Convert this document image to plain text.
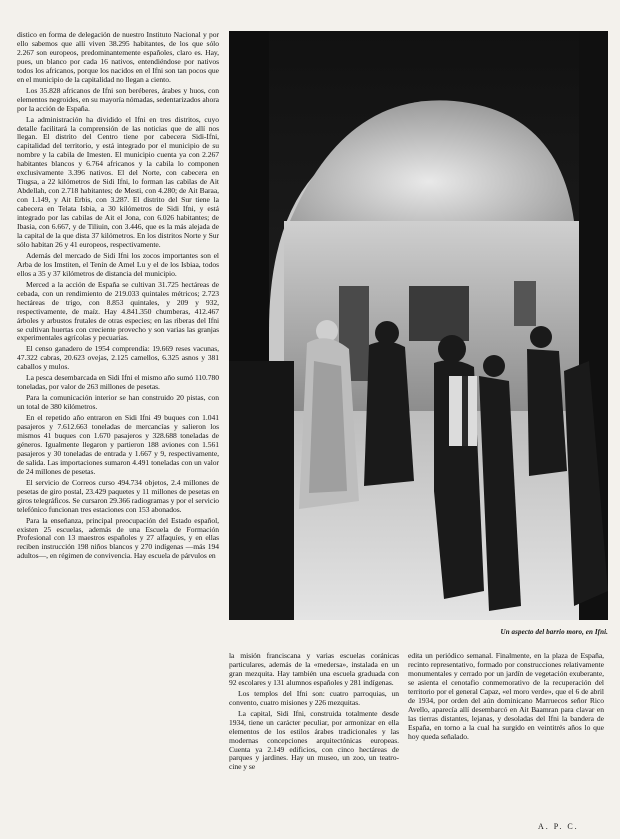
distico en forma de delegación de nuestro Instituto Nacional y por ello sabemos que allí viven 38.295 habitantes, de los que sólo 2.267 son europeos, predominantemente españoles, claro es. Hay, pues, un blanco por cada 16 nativos, entendiéndose por nativos todos los africanos, porque los nacidos en el Ifni son tan pocos que en el municipio de la capitalidad no llegan a ciento.

Los 35.828 africanos de Ifni son beréberes, árabes y huos, con elementos negroides, en su mayoría nómadas, sedentarizados ahora por la acción de España.

La administración ha dividido el Ifni en tres distritos, cuyo detalle facilitará la comprensión de las noticias que de allí nos llegan. El distrito del Centro tiene por cabecera Sidi-Ifni, capitalidad del territorio, y está integrado por el municipio de su nombre y la cabila de Imesten. El municipio cuenta ya con 2.267 habitantes blancos y 6.764 africanos y la cabila lo componen exclusivamente 3.396 nativos. El del Norte, con cabecera en Tiugsa, a 22 kilómetros de Sidi Ifni, lo forman las cabilas de Ait Abdellah, con 2.718 habitantes; de Mesti, con 4.280; de Ait Baraa, con 1.149, y Ait Erbis, con 3.287. El distrito del Sur tiene la cabecera en Telata Isbia, a 30 kilómetros de Sidi Ifni, y está integrado por las cabilas de Ait el Jona, con 6.026 habitantes; de Ibasia, con 6.667, y de Tiliuin, con 3.446, que es la más alejada de la capital de la que dista 37 kilómetros. En los distritos Norte y Sur sólo habitan 26 y 41 europeos, respectivamente.

Además del mercado de Sidi Ifni los zocos importantes son el Arba de los Imstiten, el Tenín de Amel Lu y el de los Isbiaa, todos ellos a 35 y 37 kilómetros de distancia del municipio.

Merced a la acción de España se cultivan 31.725 hectáreas de cebada, con un rendimiento de 219.033 quintales métricos; 2.723 hectáreas de trigo, con 8.853 quintales, y 209 y 932, respectivamente, de maíz. Hay 4.841.350 chumberas, 412.467 árboles y arbustos frutales de otras especies; en las riberas del Ifni se cultivan huertas con creciente provecho y son varias las granjas experimentales agrícolas y pecuarias.

El censo ganadero de 1954 comprendía: 19.669 reses vacunas, 47.322 cabras, 20.623 ovejas, 2.125 camellos, 6.325 asnos y 381 caballos y mulos.

La pesca desembarcada en Sidi Ifni el mismo año sumó 110.780 toneladas, por valor de 263 millones de pesetas.

Para la comunicación interior se han construido 20 pistas, con un total de 380 kilómetros.

En el repetido año entraron en Sidi Ifni 49 buques con 1.041 pasajeros y 7.612.663 toneladas de mercancías y salieron los mismos 41 buques con 1.670 pasajeros y 328.688 toneladas de géneros. Igualmente llegaron y partieron 188 aviones con 1.561 pasajeros y 30 toneladas de entrada y 1.667 y 9, respectivamente, de salida. Las importaciones sumaron 4.491 toneladas con un valor de 24 millones de pesetas.

El servicio de Correos curso 494.734 objetos, 2.4 millones de pesetas de giro postal, 23.429 paquetes y 11 millones de pesetas en giros telegráficos. Se cursaron 29.366 radiogramas y por el servicio telefónico funcionan tres estaciones con 153 abonados.

Para la enseñanza, principal preocupación del Estado español, existen 25 escuelas, además de una Escuela de Formación Profesional con 13 maestros españoles y 27 alfaquíes, y en ellas reciben instrucción 198 niños blancos y 270 indígenas —más 194 adultos—, en régimen de convivencia. Hay escuela de párvulos en

Un aspecto del barrio moro, en Ifni.

la misión franciscana y varias escuelas coránicas particulares, además de la «medersa», instalada en un gran mezquita. Hay también una escuela graduada con 92 escolares y 131 alumnos españoles y 281 indígenas.

Los templos del Ifni son: cuatro parroquias, un convento, cuatro misiones y 226 mezquitas.

La capital, Sidi Ifni, construida totalmente desde 1934, tiene un carácter peculiar, por armonizar en ella elementos de los estilos árabes tradicionales y las modernas concepciones arquitectónicas europeas. Cuenta ya 2.149 edificios, con cinco hectáreas de parques y jardines. Hay un museo, un zoo, un teatro-cine y se

edita un periódico semanal. Finalmente, en la plaza de España, recinto representativo, formado por construcciones relativamente monumentales y cerrado por un jardín de vegetación exuberante, se asienta el cenotafio conmemorativo de la recuperación del territorio por el general Capaz, «el moro verde», que el 6 de abril de 1934, por orden del aún dominicano Marruecos señor Rico Avello, aparecía allí desembarcó en Ait Baamran para clavar en las tierras distantes, lejanas, y desoladas del Ifni la bandera de España, en torno a la cual ha surgido en veintitrés años lo que hoy queda señalado.

A. P. C.
